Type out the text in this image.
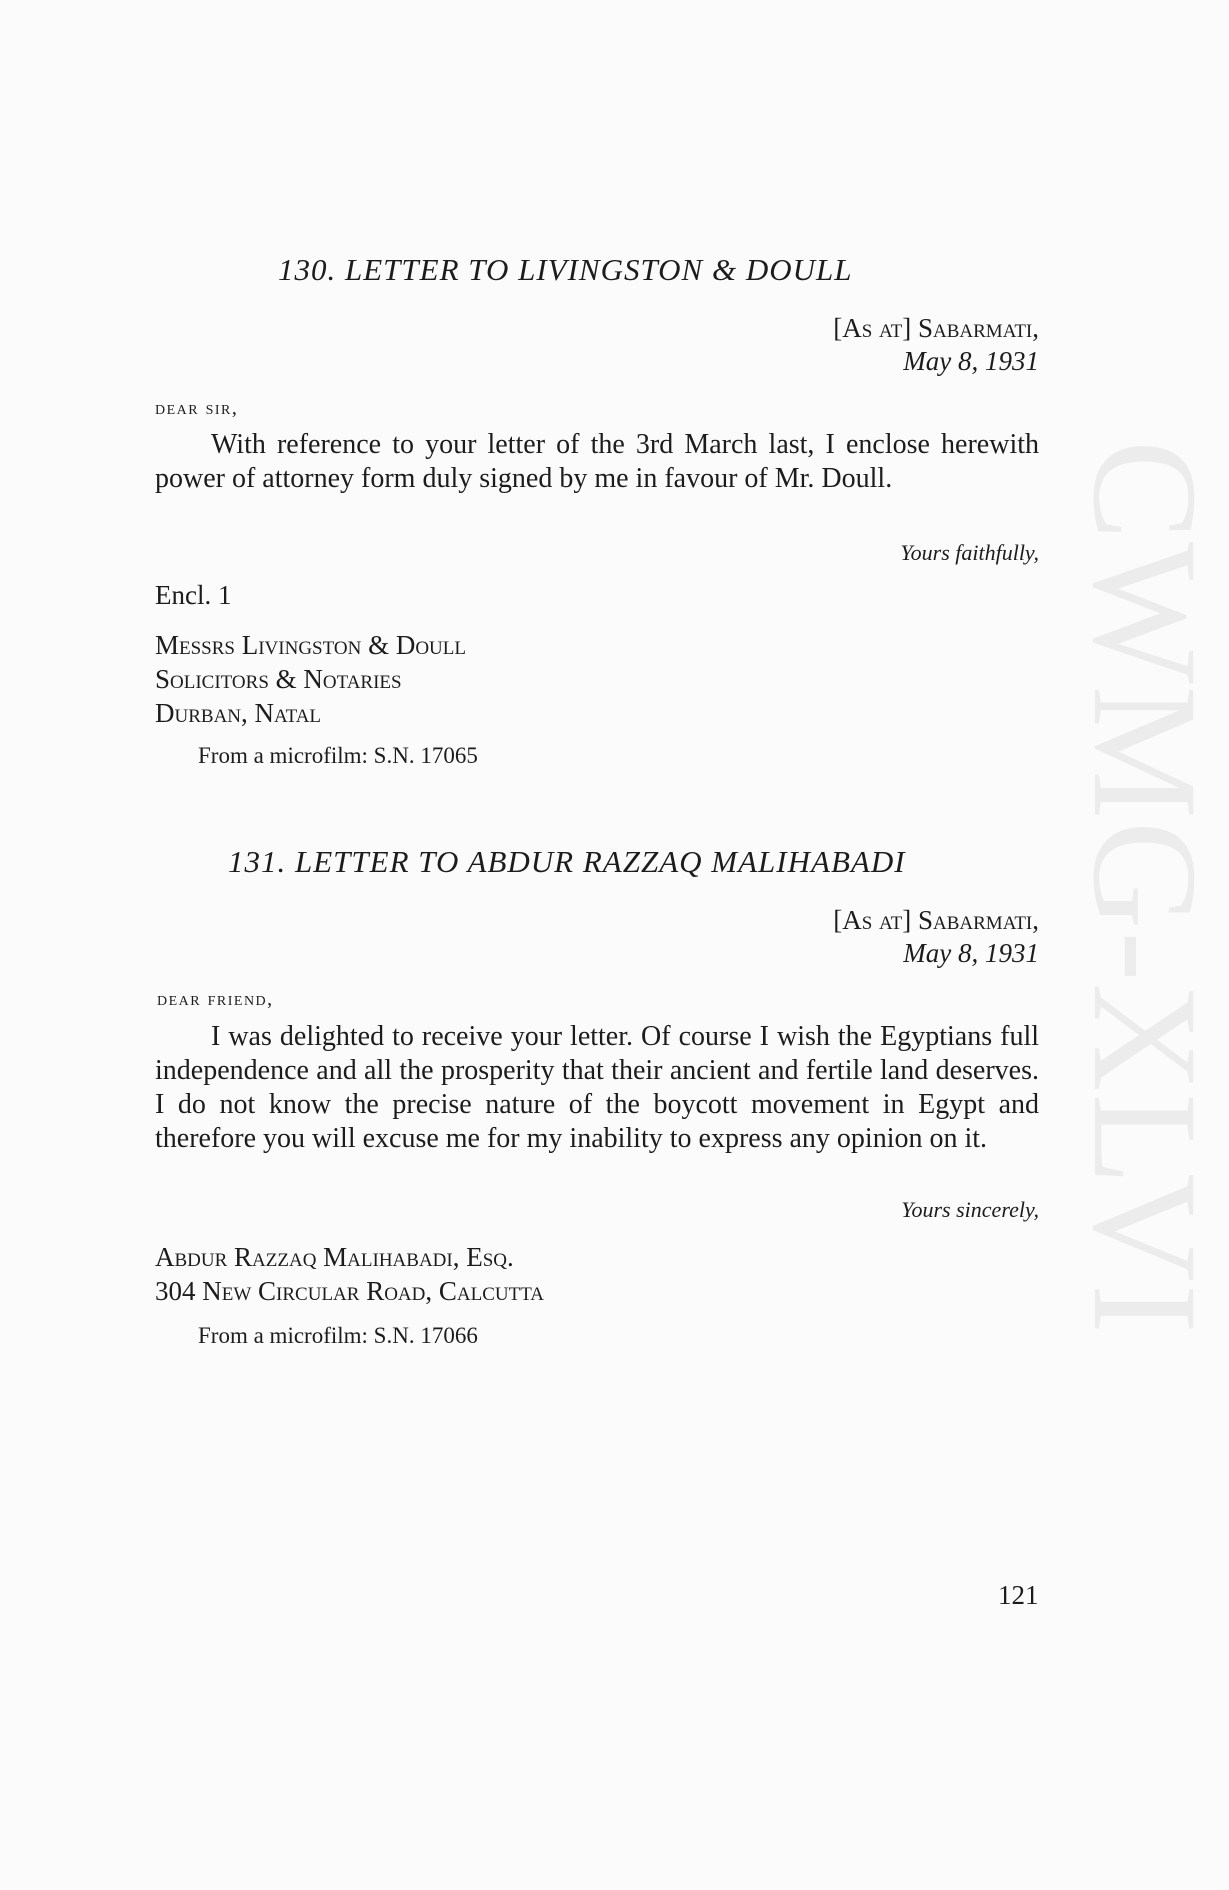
CWMG-XLVI
130. LETTER TO LIVINGSTON & DOULL
[As at] Sabarmati,
May 8, 1931
dear sir,

With reference to your letter of the 3rd March last, I enclose herewith power of attorney form duly signed by me in favour of Mr. Doull.

Yours faithfully,
Encl. 1
Messrs Livingston & Doull
Solicitors & Notaries
Durban, Natal
From a microfilm: S.N. 17065
131. LETTER TO ABDUR RAZZAQ MALIHABADI
[As at] Sabarmati,
May 8, 1931
dear friend,

I was delighted to receive your letter. Of course I wish the Egyptians full independence and all the prosperity that their ancient and fertile land deserves. I do not know the precise nature of the boycott movement in Egypt and therefore you will excuse me for my inability to express any opinion on it.

Yours sincerely,
Abdur Razzaq Malihabadi, Esq.
304 New Circular Road, Calcutta
From a microfilm: S.N. 17066
121
